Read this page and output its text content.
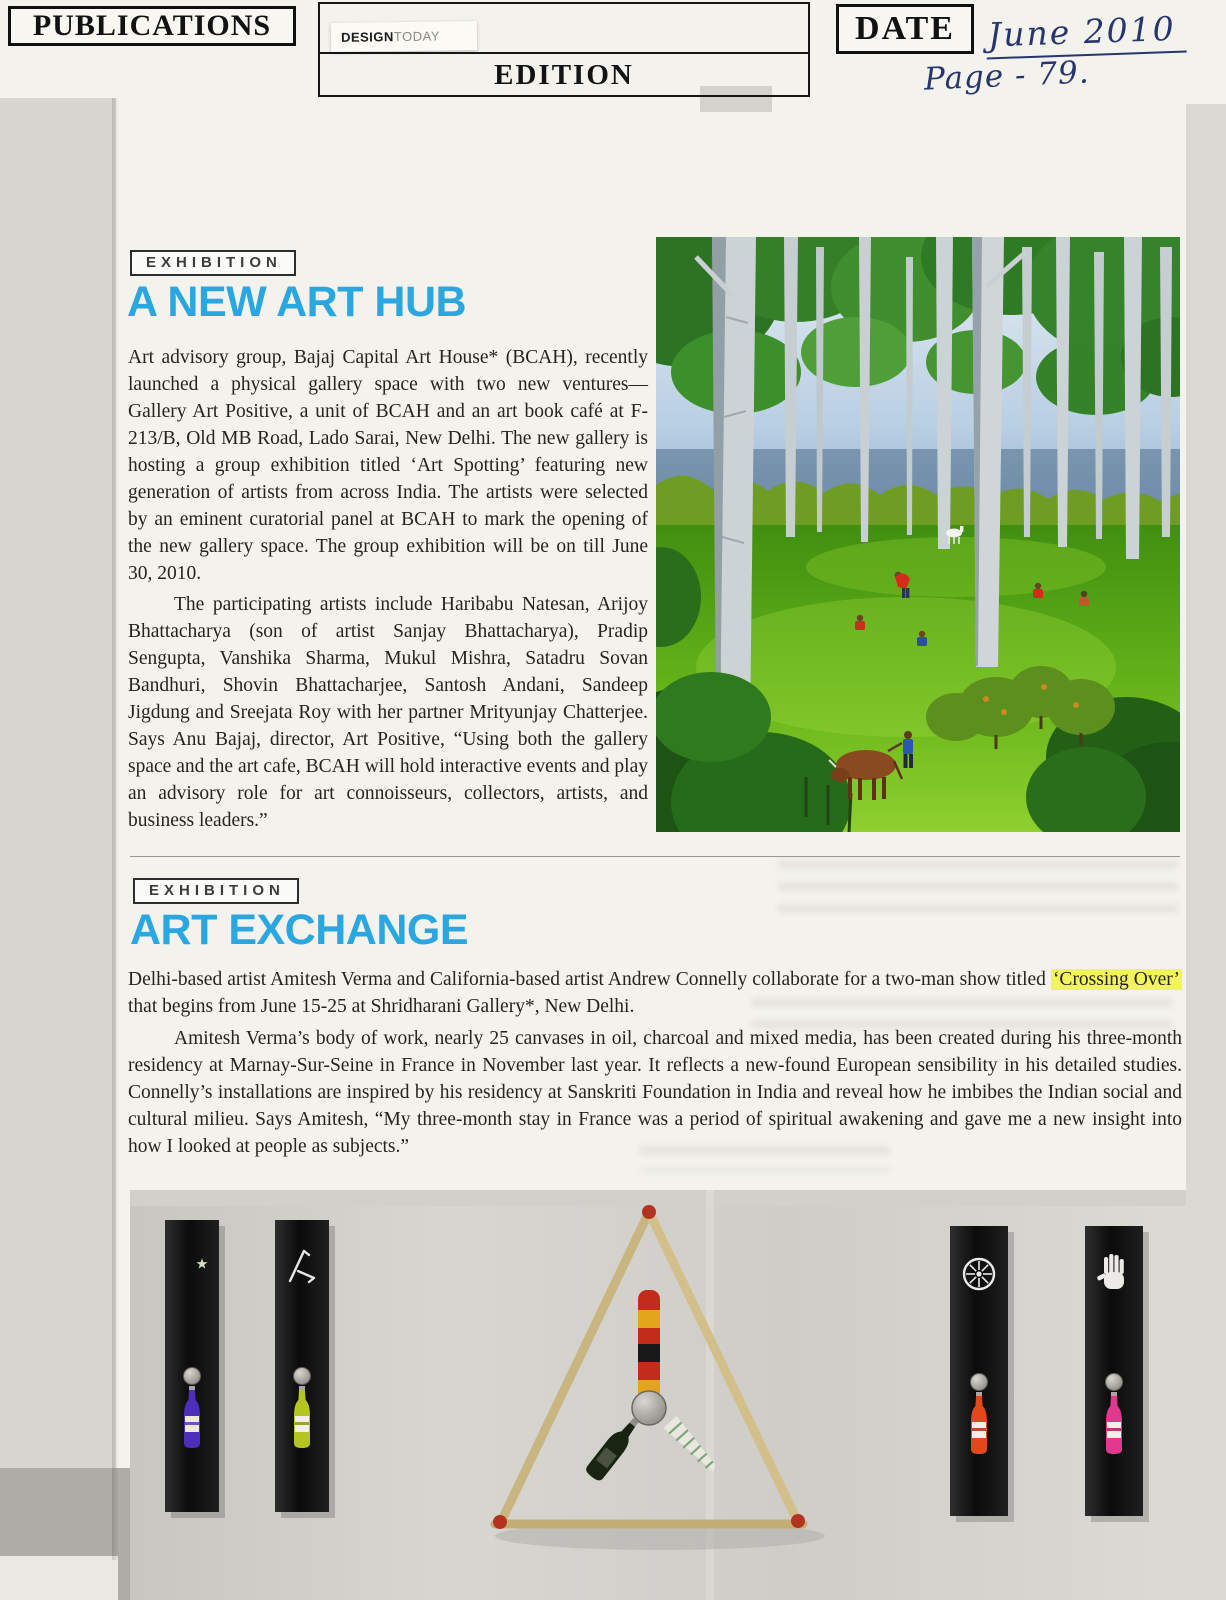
PUBLICATIONS	DESIGN TODAY
EDITION
DATE June 2010
Page - 79.
EXHIBITION
A NEW ART HUB

Art advisory group, Bajaj Capital Art House* (BCAH), recently launched a physical gallery space with two new ventures—Gallery Art Positive, a unit of BCAH and an art book café at F-213/B, Old MB Road, Lado Sarai, New Delhi. The new gallery is hosting a group exhibition titled ‘Art Spotting’ featuring new generation of artists from across India. The artists were selected by an eminent curatorial panel at BCAH to mark the opening of the new gallery space. The group exhibition will be on till June 30, 2010.

The participating artists include Haribabu Natesan, Arijoy Bhattacharya (son of artist Sanjay Bhattacharya), Pradip Sengupta, Vanshika Sharma, Mukul Mishra, Satadru Sovan Bandhuri, Shovin Bhattacharjee, Santosh Andani, Sandeep Jigdung and Sreejata Roy with her partner Mrityunjay Chatterjee. Says Anu Bajaj, director, Art Positive, “Using both the gallery space and the art cafe, BCAH will hold interactive events and play an advisory role for art connoisseurs, collectors, artists, and business leaders.”

EXHIBITION
ART EXCHANGE

Delhi-based artist Amitesh Verma and California-based artist Andrew Connelly collaborate for a two-man show titled ‘Crossing Over’ that begins from June 15-25 at Shridharani Gallery*, New Delhi.

Amitesh Verma’s body of work, nearly 25 canvases in oil, charcoal and mixed media, has been created during his three-month residency at Marnay-Sur-Seine in France in November last year. It reflects a new-found European sensibility in his detailed studies. Connelly’s installations are inspired by his residency at Sanskriti Foundation in India and reveal how he imbibes the Indian social and cultural milieu. Says Amitesh, “My three-month stay in France was a period of spiritual awakening and gave me a new insight into how I looked at people as subjects.”
